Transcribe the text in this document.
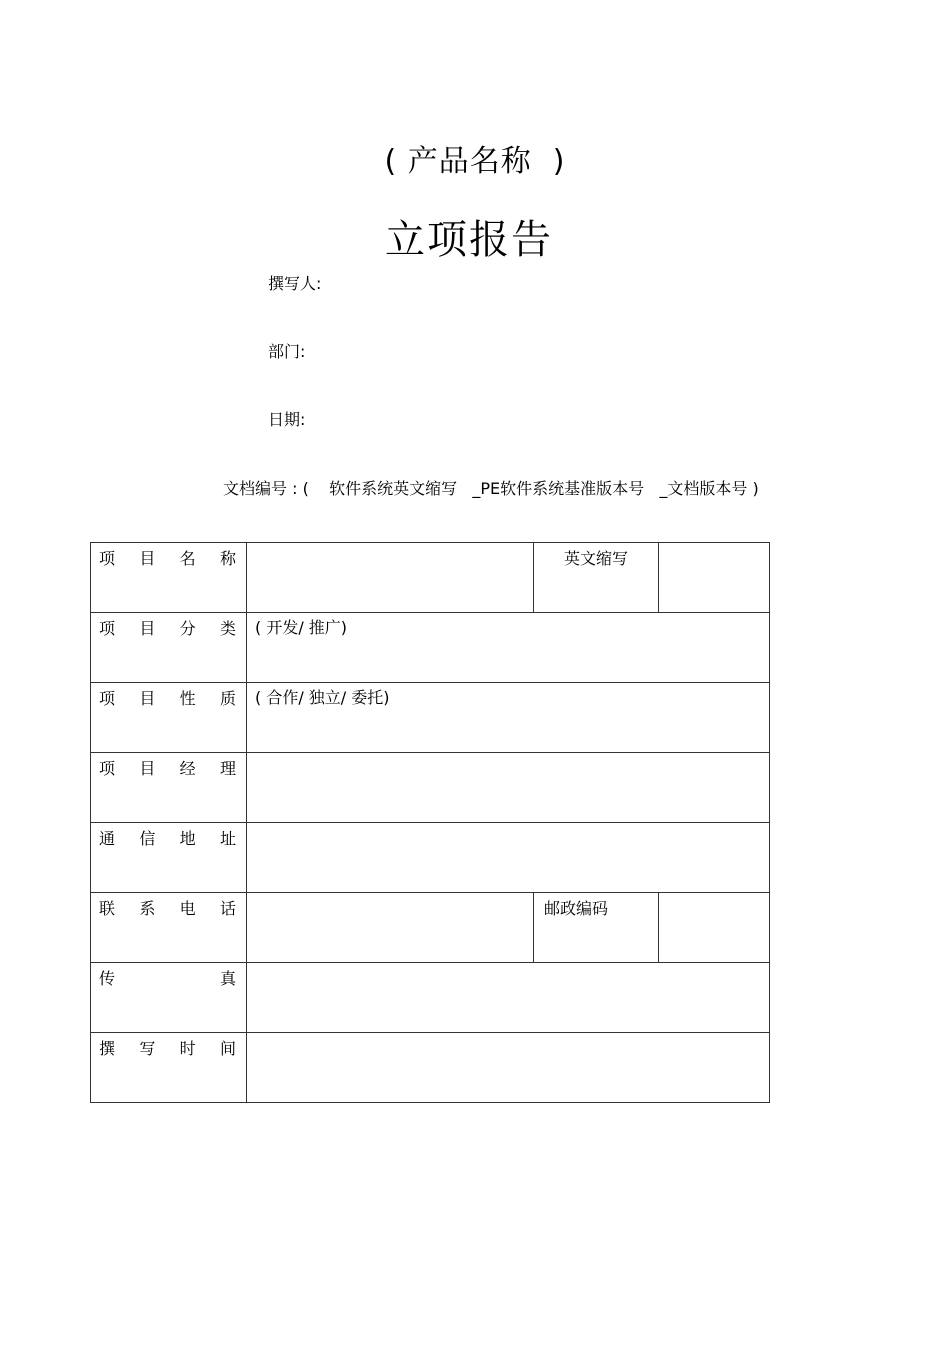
( 产品名称  )
立项报告
撰写人:
部门:
日期:
文档编号 : (    软件系统英文缩写   _PE软件系统基准版本号   _文档版本号 )
项 目 名 称		英文缩写	

项 目 分 类	( 开发/ 推广)		

项 目 性 质	( 合作/ 独立/ 委托)		

项 目 经 理			

通 信 地 址			

联 系 电 话		邮政编码	

传 真			

撰 写 时 间			
